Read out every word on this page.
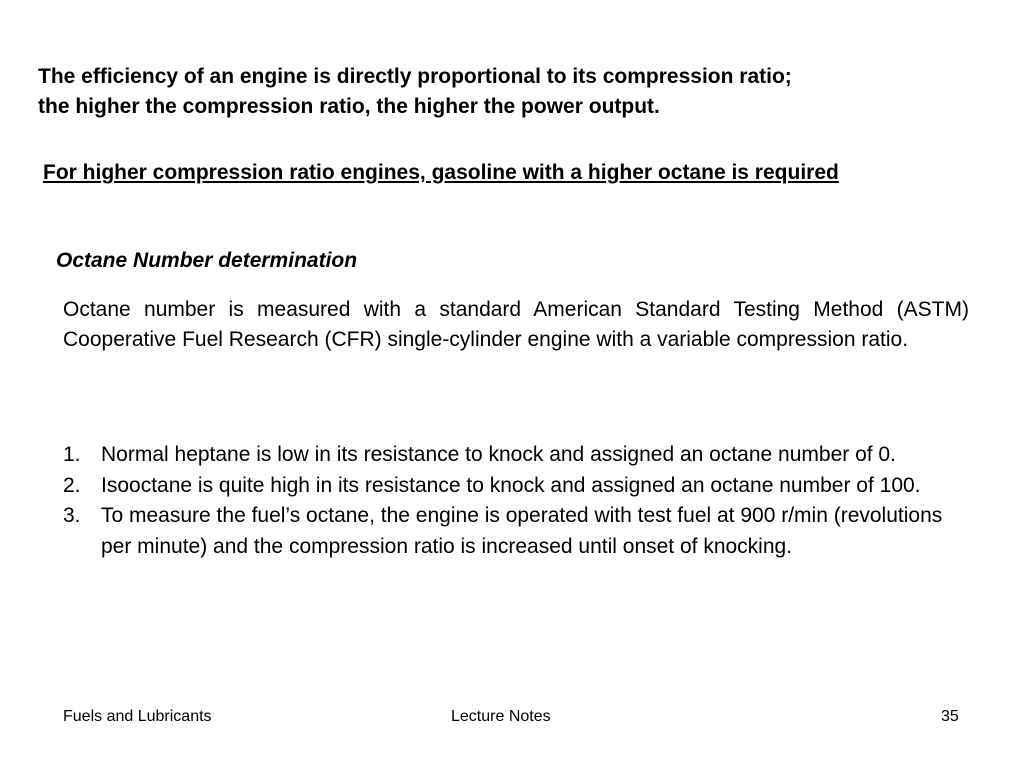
The efficiency of an engine is directly proportional to its compression ratio;
the higher the compression ratio, the higher the power output.

For higher compression ratio engines, gasoline with a higher octane is required

Octane Number determination

Octane number is measured with a standard American Standard Testing Method (ASTM) Cooperative Fuel Research (CFR) single-cylinder engine with a variable compression ratio.

1. Normal heptane is low in its resistance to knock and assigned an octane number of 0.
2. Isooctane is quite high in its resistance to knock and assigned an octane number of 100.
3. To measure the fuel’s octane, the engine is operated with test fuel at 900 r/min (revolutions per minute) and the compression ratio is increased until onset of knocking.
Fuels and Lubricants	Lecture Notes	35
